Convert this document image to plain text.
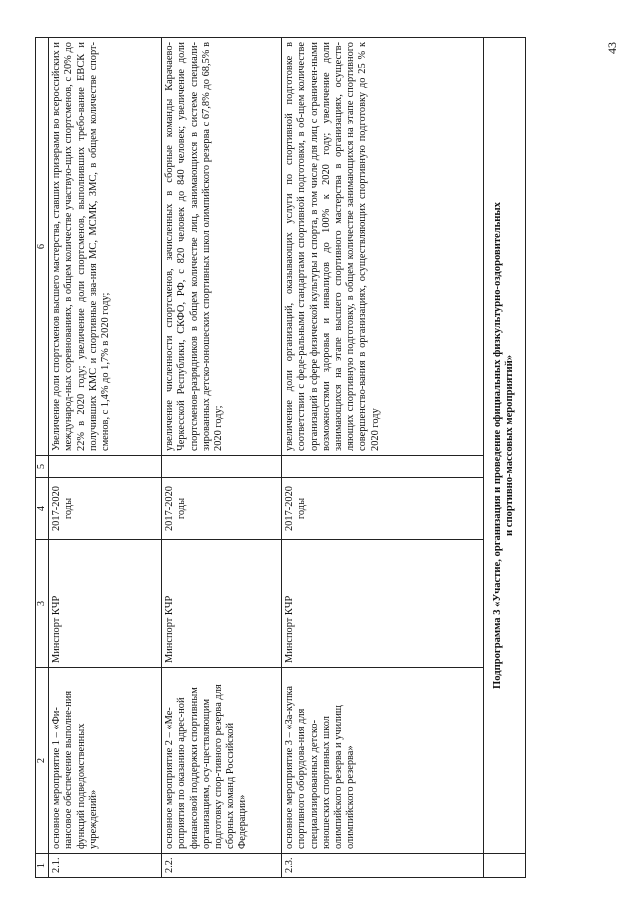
43
1	2	3	4	5	6
2.1.	основное мероприятие 1 – «Фи-нансовое обеспечение выполне-ния функций подведомственных учреждений»	Минспорт КЧР	2017-2020 годы		Увеличение доли спортсменов высшего мастерства, ставших призерами во всероссийских и международ-ных соревнованиях, в общем количестве участвую-щих спортсменов, с 20% до 22% в 2020 году; увеличение доли спортсменов, выполнивших требо-вание ЕВСК и получивших КМС и спортивные зва-ния МС, МСМК, ЗМС, в общем количестве спорт-сменов, с 1,4% до 1,7% в 2020 году;
2.2.	основное мероприятие 2 – «Ме-роприятия по оказанию адрес-ной финансовой поддержки спортивным организациям, осу-ществляющим подготовку спор-тивного резерва для сборных команд Российской Федерации»	Минспорт КЧР	2017-2020 годы		увеличение численности спортсменов, зачисленных в сборные команды Карачаево-Черкесской Республики, СКФО, РФ, с 820 человек до 840 человек; увеличение доли спортсменов-разрядников в общем количестве лиц, занимающихся в системе специали-зированных детско-юношеских спортивных школ олимпийского резерва с 67,8% до 68,5% в 2020 году;
2.3.	основное мероприятие 3 – «За-купка спортивного оборудова-ния для специализированных детско-юношеских спортивных школ олимпийского резерва и училищ олимпийского резерва»	Минспорт КЧР	2017-2020 годы		увеличение доли организаций, оказывающих услуги по спортивной подготовке в соответствии с феде-ральными стандартами спортивной подготовки, в об-щем количестве организаций в сфере физической культуры и спорта, в том числе для лиц с ограничен-ными возможностями здоровья и инвалидов до 100% к 2020 году; увеличение доли занимающихся на этапе высшего спортивного мастерства в организациях, осуществ-ляющих спортивную подготовку, в общем количестве занимающихся на этапе спортивного совершенство-вания в организациях, осуществляющих спортивную подготовку до 25 % к 2020 году

	Подпрограмма 3 «Участие, организация и проведение официальных физкультурно-оздоровительных и спортивно-массовых мероприятий»				
